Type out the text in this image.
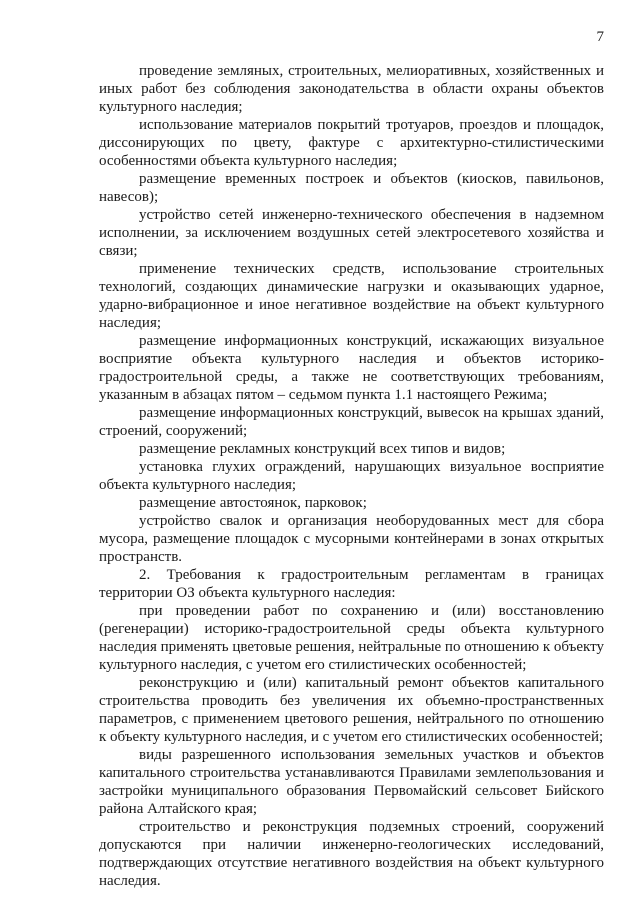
7

проведение земляных, строительных, мелиоративных, хозяйственных и иных работ без соблюдения законодательства в области охраны объектов культурного наследия;

использование материалов покрытий тротуаров, проездов и площадок, диссонирующих по цвету, фактуре с архитектурно-стилистическими особенностями объекта культурного наследия;

размещение временных построек и объектов (киосков, павильонов, навесов);

устройство сетей инженерно-технического обеспечения в надземном исполнении, за исключением воздушных сетей электросетевого хозяйства и связи;

применение технических средств, использование строительных технологий, создающих динамические нагрузки и оказывающих ударное, ударно-вибрационное и иное негативное воздействие на объект культурного наследия;

размещение информационных конструкций, искажающих визуальное восприятие объекта культурного наследия и объектов историко-градостроительной среды, а также не соответствующих требованиям, указанным в абзацах пятом – седьмом пункта 1.1 настоящего Режима;

размещение информационных конструкций, вывесок на крышах зданий, строений, сооружений;

размещение рекламных конструкций всех типов и видов;

установка глухих ограждений, нарушающих визуальное восприятие объекта культурного наследия;

размещение автостоянок, парковок;

устройство свалок и организация необорудованных мест для сбора мусора, размещение площадок с мусорными контейнерами в зонах открытых пространств.

2. Требования к градостроительным регламентам в границах территории ОЗ объекта культурного наследия:

при проведении работ по сохранению и (или) восстановлению (регенерации) историко-градостроительной среды объекта культурного наследия применять цветовые решения, нейтральные по отношению к объекту культурного наследия, с учетом его стилистических особенностей;

реконструкцию и (или) капитальный ремонт объектов капитального строительства проводить без увеличения их объемно-пространственных параметров, с применением цветового решения, нейтрального по отношению к объекту культурного наследия, и с учетом его стилистических особенностей;

виды разрешенного использования земельных участков и объектов капитального строительства устанавливаются Правилами землепользования и застройки муниципального образования Первомайский сельсовет Бийского района Алтайского края;

строительство и реконструкция подземных строений, сооружений допускаются при наличии инженерно-геологических исследований, подтверждающих отсутствие негативного воздействия на объект культурного наследия.
